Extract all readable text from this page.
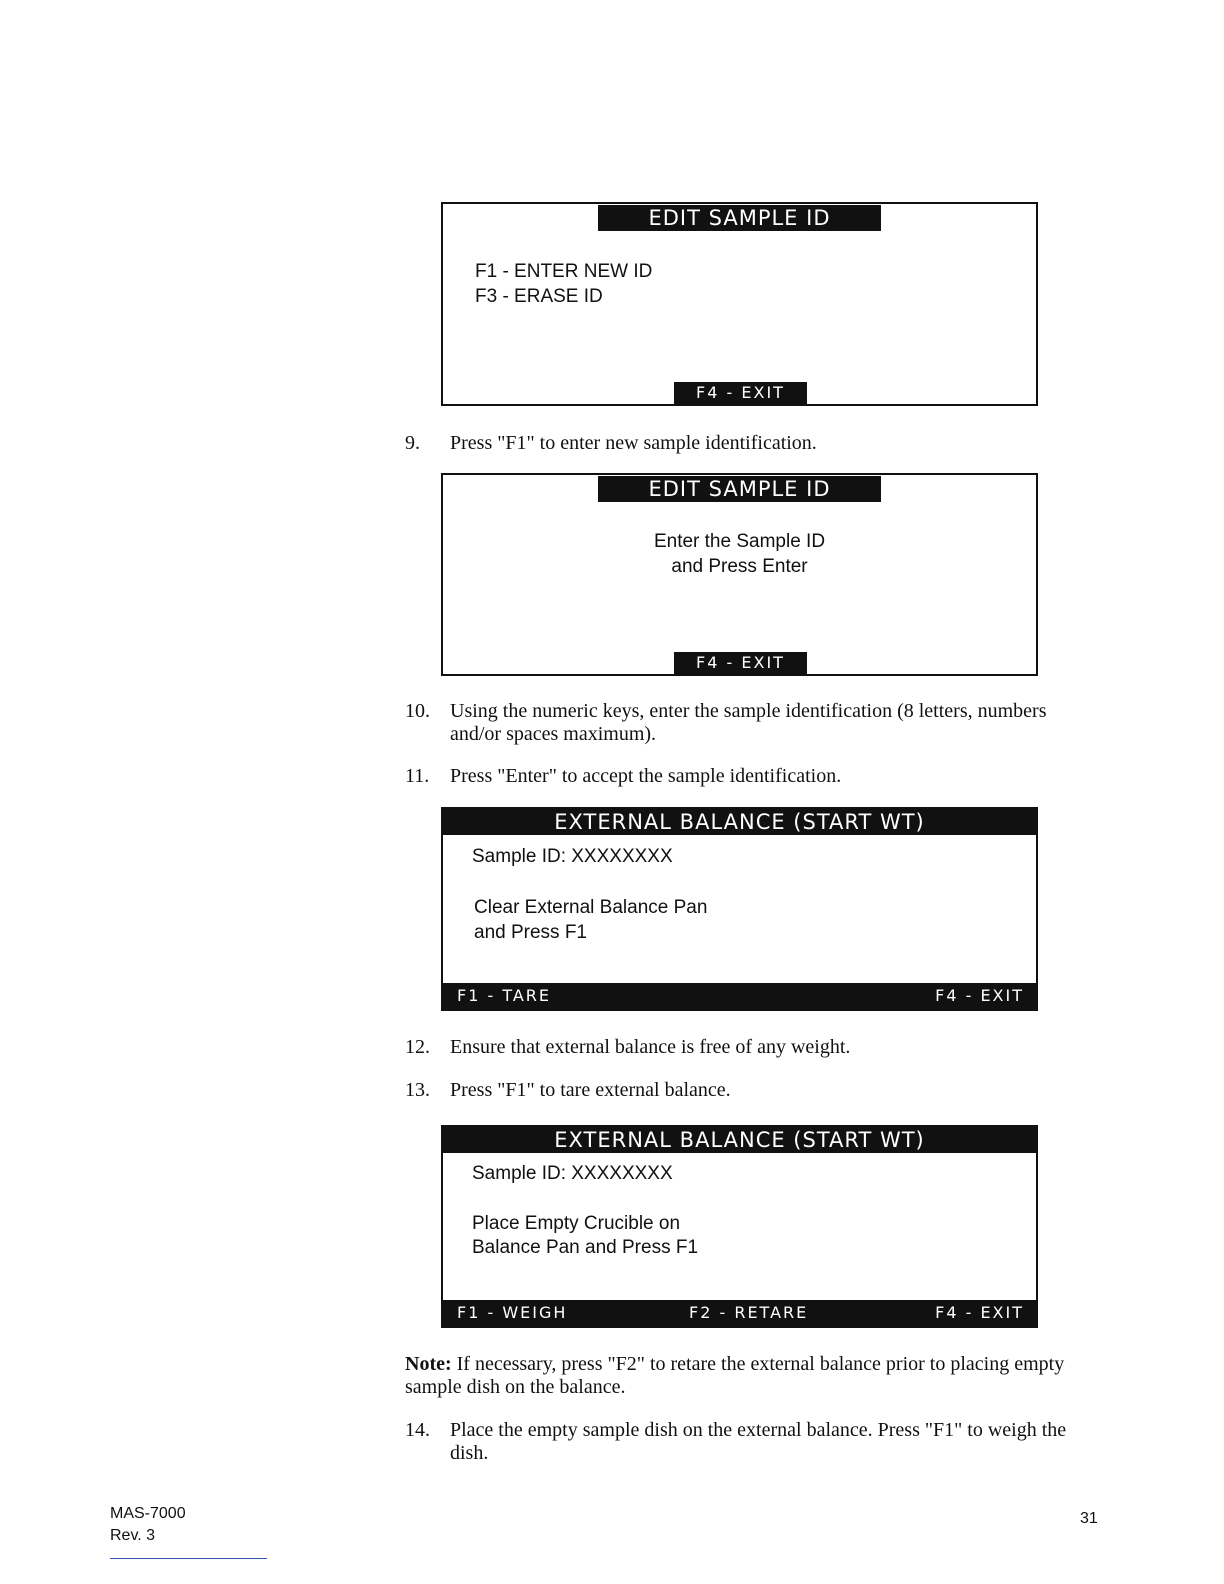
EDIT SAMPLE ID
F1 - ENTER NEW ID
F3 - ERASE ID
F4 - EXIT
9. Press "F1" to enter new sample identification.
EDIT SAMPLE ID
Enter the Sample ID
and Press Enter
F4 - EXIT
10. Using the numeric keys, enter the sample identification (8 letters, numbers and/or spaces maximum).
11. Press "Enter" to accept the sample identification.
EXTERNAL BALANCE (START WT)
Sample ID: XXXXXXXX
Clear External Balance Pan
and Press F1
F1 - TARE	F4 - EXIT
12. Ensure that external balance is free of any weight.
13. Press "F1" to tare external balance.
EXTERNAL BALANCE (START WT)
Sample ID: XXXXXXXX
Place Empty Crucible on
Balance Pan and Press F1
F1 - WEIGH	F2 - RETARE	F4 - EXIT
Note: If necessary, press "F2" to retare the external balance prior to placing empty sample dish on the balance.
14. Place the empty sample dish on the external balance. Press "F1" to weigh the dish.
MAS-7000
Rev. 3
31
